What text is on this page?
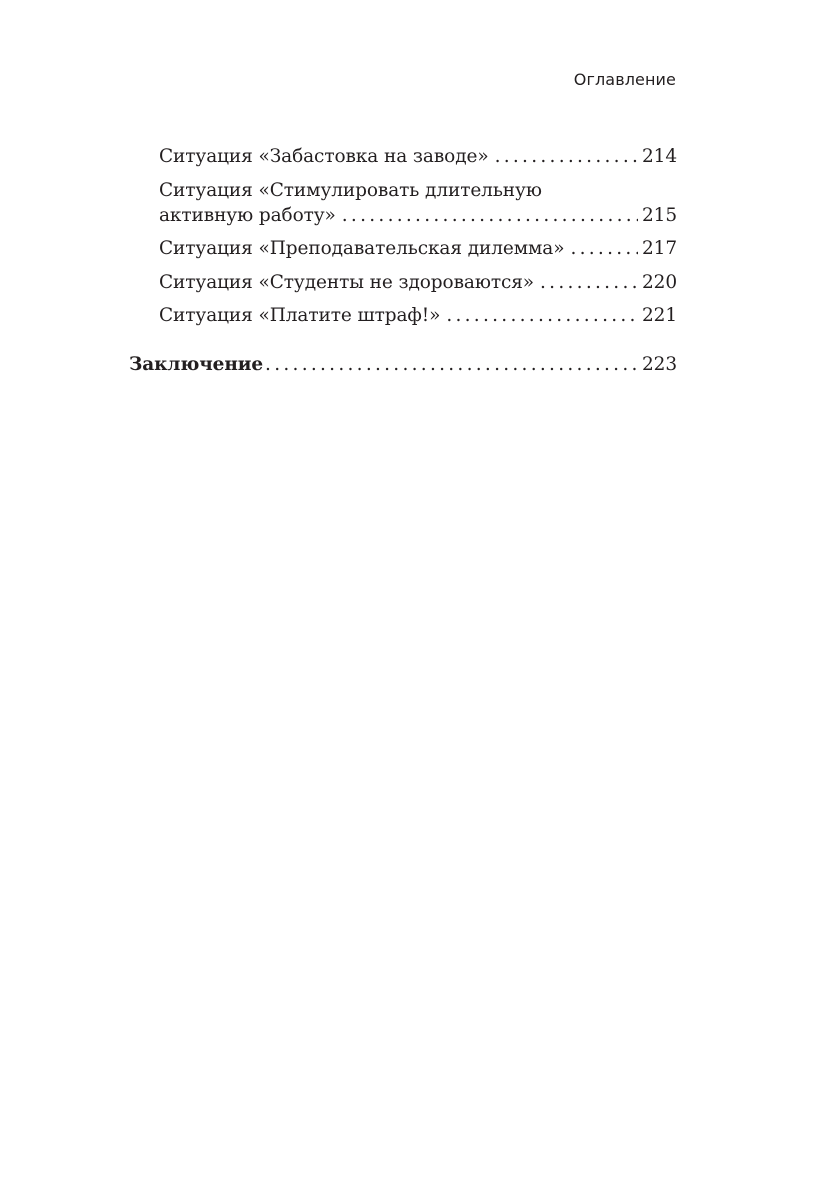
Оглавление
Ситуация «Забастовка на заводе» . . .	214
Ситуация «Стимулировать длительную
активную работу» . . .	215
Ситуация «Преподавательская дилемма» . . .	217
Ситуация «Студенты не здороваются» . . .	220
Ситуация «Платите штраф!» . . .	221
Заключение . . .	223
